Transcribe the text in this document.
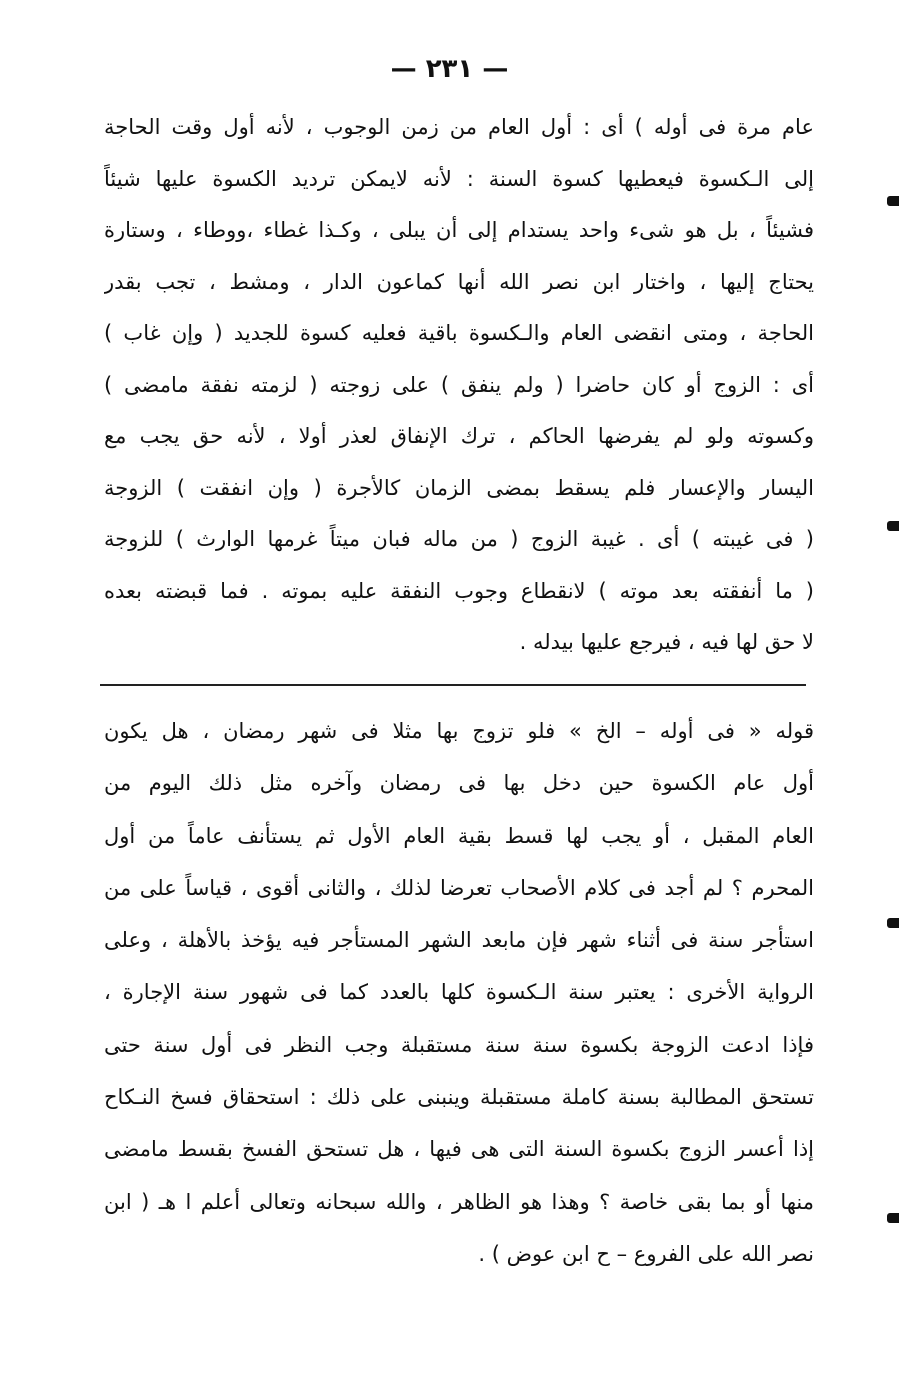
— ٢٣١ —
عام مرة فى أوله ) أى : أول العام من زمن الوجوب ، لأنه أول وقت الحاجة
إلى الـكسوة فيعطيها كسوة السنة : لأنه لايمكن ترديد الكسوة عليها شيئاً
فشيئاً ، بل هو شىء واحد يستدام إلى أن يبلى ، وكـذا غطاء ،ووطاء ، وستارة
يحتاج إليها ، واختار ابن نصر الله أنها كماعون الدار ، ومشط ، تجب بقدر
الحاجة ، ومتى انقضى العام والـكسوة باقية فعليه كسوة للجديد ( وإن غاب )
أى : الزوج أو كان حاضرا ( ولم ينفق ) على زوجته ( لزمته نفقة مامضى )
وكسوته ولو لم يفرضها الحاكم ، ترك الإنفاق لعذر أولا ، لأنه حق يجب مع
اليسار والإعسار فلم يسقط بمضى الزمان كالأجرة ( وإن انفقت ) الزوجة
( فى غيبته ) أى . غيبة الزوج ( من ماله فبان ميتاً غرمها الوارث ) للزوجة
( ما أنفقته بعد موته ) لانقطاع وجوب النفقة عليه بموته . فما قبضته بعده
لا حق لها فيه ، فيرجع عليها بيدله .
قوله « فى أوله – الخ » فلو تزوج بها مثلا فى شهر رمضان ، هل يكون
أول عام الكسوة حين دخل بها فى رمضان وآخره مثل ذلك اليوم من
العام المقبل ، أو يجب لها قسط بقية العام الأول ثم يستأنف عاماً من أول
المحرم ؟ لم أجد فى كلام الأصحاب تعرضا لذلك ، والثانى أقوى ، قياساً على من
استأجر سنة فى أثناء شهر فإن مابعد الشهر المستأجر فيه يؤخذ بالأهلة ، وعلى
الرواية الأخرى : يعتبر سنة الـكسوة كلها بالعدد كما فى شهور سنة الإجارة ،
فإذا ادعت الزوجة بكسوة سنة سنة مستقبلة وجب النظر فى أول سنة حتى
تستحق المطالبة بسنة كاملة مستقبلة وينبنى على ذلك : استحقاق فسخ النـكاح
إذا أعسر الزوج بكسوة السنة التى هى فيها ، هل تستحق الفسخ بقسط مامضى
منها أو بما بقى خاصة ؟ وهذا هو الظاهر ، والله سبحانه وتعالى أعلم ا هـ ( ابن
نصر الله على الفروع – ح ابن عوض ) .
